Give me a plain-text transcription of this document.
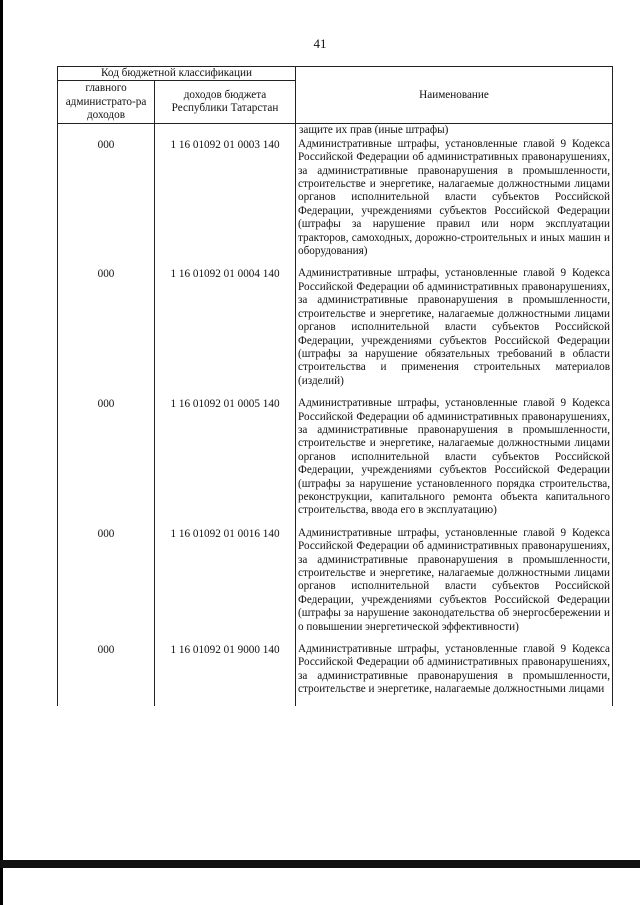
41
Код бюджетной классификации		Наименование
главного администрато-ра доходов	доходов бюджета Республики Татарстан	
		защите их прав (иные штрафы)
000	1 16 01092 01 0003 140	Административные штрафы, установленные главой 9 Кодекса Российской Федерации об административных правонарушениях, за административные правонарушения в промышленности, строительстве и энергетике, налагаемые должностными лицами органов исполнительной власти субъектов Российской Федерации, учреждениями субъектов Российской Федерации (штрафы за нарушение правил или норм эксплуатации тракторов, самоходных, дорожно-строительных и иных машин и оборудования)
000	1 16 01092 01 0004 140	Административные штрафы, установленные главой 9 Кодекса Российской Федерации об административных правонарушениях, за административные правонарушения в промышленности, строительстве и энергетике, налагаемые должностными лицами органов исполнительной власти субъектов Российской Федерации, учреждениями субъектов Российской Федерации (штрафы за нарушение обязательных требований в области строительства и применения строительных материалов (изделий)
000	1 16 01092 01 0005 140	Административные штрафы, установленные главой 9 Кодекса Российской Федерации об административных правонарушениях, за административные правонарушения в промышленности, строительстве и энергетике, налагаемые должностными лицами органов исполнительной власти субъектов Российской Федерации, учреждениями субъектов Российской Федерации (штрафы за нарушение установленного порядка строительства, реконструкции, капитального ремонта объекта капитального строительства, ввода его в эксплуатацию)
000	1 16 01092 01 0016 140	Административные штрафы, установленные главой 9 Кодекса Российской Федерации об административных правонарушениях, за административные правонарушения в промышленности, строительстве и энергетике, налагаемые должностными лицами органов исполнительной власти субъектов Российской Федерации, учреждениями субъектов Российской Федерации (штрафы за нарушение законодательства об энергосбережении и о повышении энергетической эффективности)
000	1 16 01092 01 9000 140	Административные штрафы, установленные главой 9 Кодекса Российской Федерации об административных правонарушениях, за административные правонарушения в промышленности, строительстве и энергетике, налагаемые должностными лицами
